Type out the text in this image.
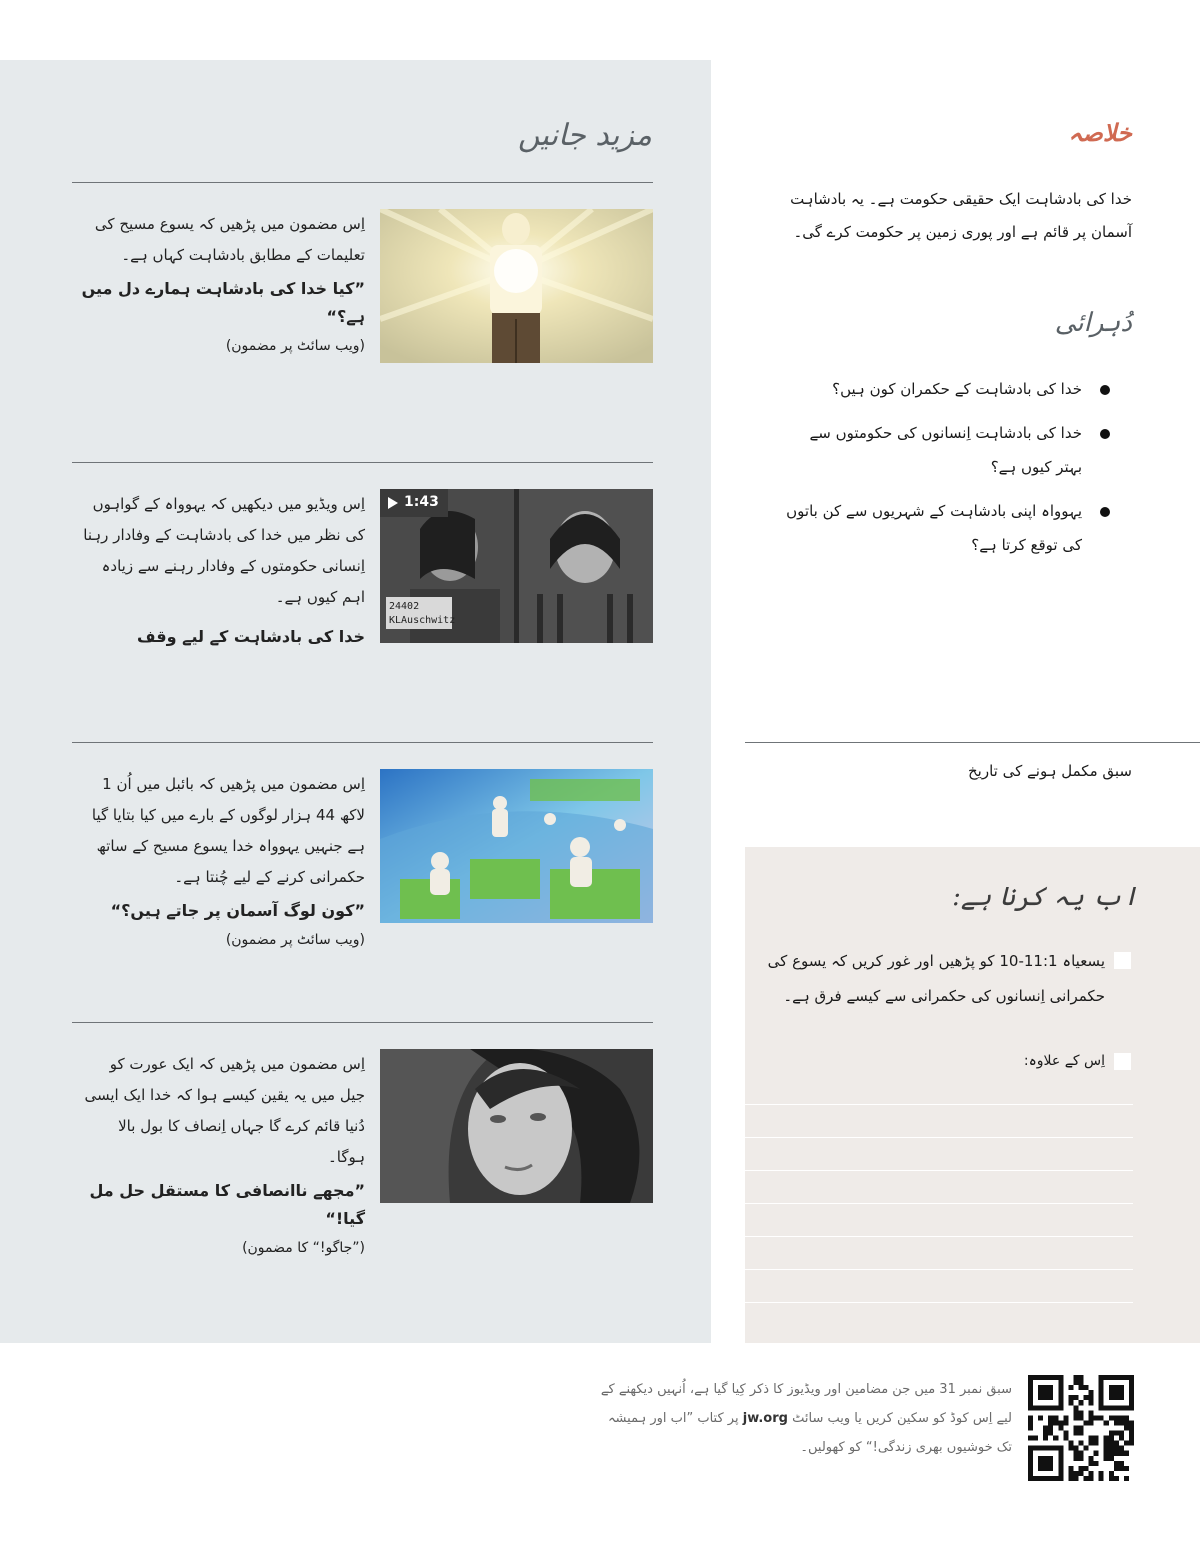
مزید جانیں
اِس مضمون میں پڑھیں کہ یسوع مسیح کی تعلیمات کے مطابق بادشاہت کہاں ہے۔
”کیا خدا کی بادشاہت ہمارے دل میں ہے؟“
(ویب سائٹ پر مضمون)
24402
KLAuschwitz
1:43
اِس ویڈیو میں دیکھیں کہ یہوواہ کے گواہوں کی نظر میں خدا کی بادشاہت کے وفادار رہنا اِنسانی حکومتوں کے وفادار رہنے سے زیادہ اہم کیوں ہے۔
خدا کی بادشاہت کے لیے وقف
اِس مضمون میں پڑھیں کہ بائبل میں اُن 1 لاکھ 44 ہزار لوگوں کے بارے میں کیا بتایا گیا ہے جنہیں یہوواہ خدا یسوع مسیح کے ساتھ حکمرانی کرنے کے لیے چُنتا ہے۔
”کون لوگ آسمان پر جاتے ہیں؟“
(ویب سائٹ پر مضمون)
اِس مضمون میں پڑھیں کہ ایک عورت کو جیل میں یہ یقین کیسے ہوا کہ خدا ایک ایسی دُنیا قائم کرے گا جہاں اِنصاف کا بول بالا ہوگا۔
”مجھے ناانصافی کا مستقل حل مل گیا!“
(”جاگو!“ کا مضمون)
خلاصہ
خدا کی بادشاہت ایک حقیقی حکومت ہے۔ یہ بادشاہت آسمان پر قائم ہے اور پوری زمین پر حکومت کرے گی۔
دُہرائی
خدا کی بادشاہت کے حکمران کون ہیں؟
خدا کی بادشاہت اِنسانوں کی حکومتوں سے بہتر کیوں ہے؟
یہوواہ اپنی بادشاہت کے شہریوں سے کن باتوں کی توقع کرتا ہے؟
سبق مکمل ہونے کی تاریخ
اب یہ کرنا ہے:
یسعیاہ 11:1-10 کو پڑھیں اور غور کریں کہ یسوع کی حکمرانی اِنسانوں کی حکمرانی سے کیسے فرق ہے۔
اِس کے علاوہ:
سبق نمبر 31 میں جن مضامین اور ویڈیوز کا ذکر کِیا گیا ہے، اُنہیں دیکھنے کے لیے اِس کوڈ کو سکین کریں یا ویب سائٹ jw.org پر کتاب ”اب اور ہمیشہ تک خوشیوں بھری زندگی!“ کو کھولیں۔
